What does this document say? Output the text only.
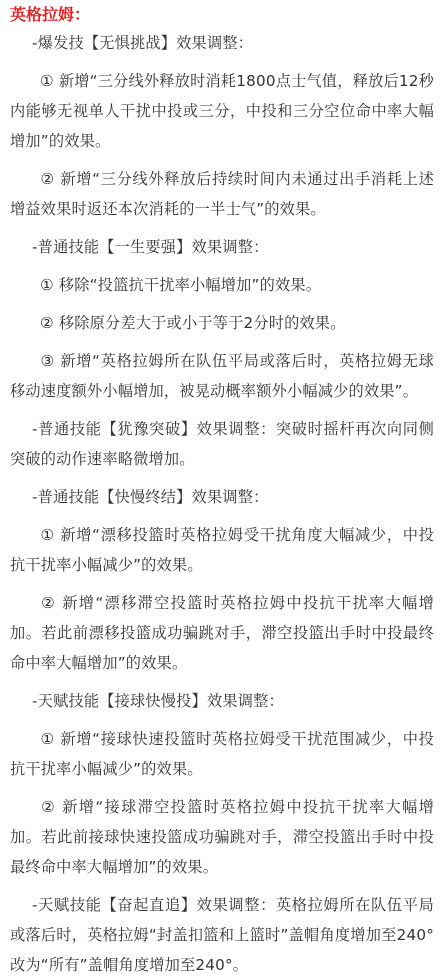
英格拉姆：

-爆发技【无惧挑战】效果调整：

① 新增“三分线外释放时消耗1800点士气值，释放后12秒内能够无视单人干扰中投或三分，中投和三分空位命中率大幅增加”的效果。

② 新增“三分线外释放后持续时间内未通过出手消耗上述增益效果时返还本次消耗的一半士气”的效果。

-普通技能【一生要强】效果调整：

① 移除“投篮抗干扰率小幅增加”的效果。

② 移除原分差大于或小于等于2分时的效果。

③ 新增“英格拉姆所在队伍平局或落后时，英格拉姆无球移动速度额外小幅增加，被晃动概率额外小幅减少的效果”。

-普通技能【犹豫突破】效果调整：突破时摇杆再次向同侧突破的动作速率略微增加。

-普通技能【快慢终结】效果调整：

① 新增“漂移投篮时英格拉姆受干扰角度大幅减少，中投抗干扰率小幅减少”的效果。

② 新增“漂移滞空投篮时英格拉姆中投抗干扰率大幅增加。若此前漂移投篮成功骗跳对手，滞空投篮出手时中投最终命中率大幅增加”的效果。

-天赋技能【接球快慢投】效果调整：

① 新增“接球快速投篮时英格拉姆受干扰范围减少，中投抗干扰率小幅减少”的效果。

② 新增“接球滞空投篮时英格拉姆中投抗干扰率大幅增加。若此前接球快速投篮成功骗跳对手，滞空投篮出手时中投最终命中率大幅增加”的效果。

-天赋技能【奋起直追】效果调整：英格拉姆所在队伍平局或落后时，英格拉姆“封盖扣篮和上篮时”盖帽角度增加至240°改为“所有”盖帽角度增加至240°。
